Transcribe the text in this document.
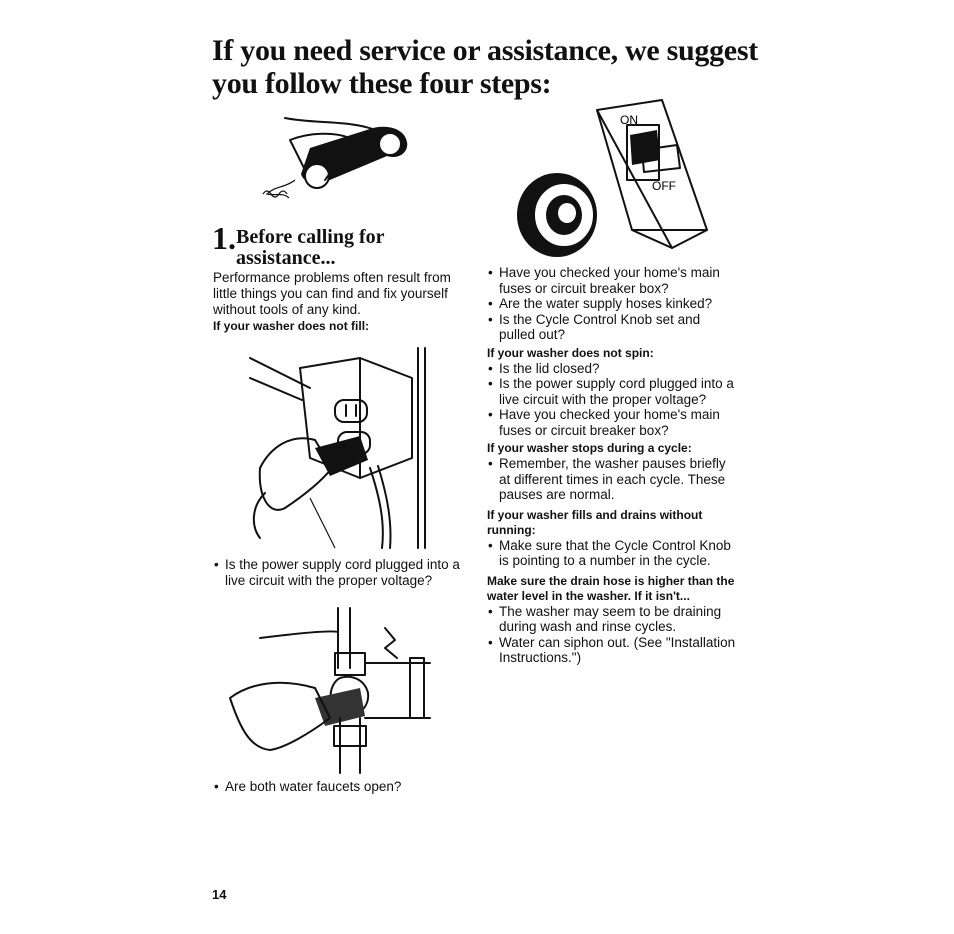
If you need service or assistance, we suggest you follow these four steps:
1. Before calling for assistance...
Performance problems often result from little things you can find and fix yourself without tools of any kind.
If your washer does not fill:
• Is the power supply cord plugged into a live circuit with the proper voltage?
• Are both water faucets open?
ON
OFF
• Have you checked your home's main fuses or circuit breaker box?
• Are the water supply hoses kinked?
• Is the Cycle Control Knob set and pulled out?
If your washer does not spin:
• Is the lid closed?
• Is the power supply cord plugged into a live circuit with the proper voltage?
• Have you checked your home's main fuses or circuit breaker box?
If your washer stops during a cycle:
• Remember, the washer pauses briefly at different times in each cycle. These pauses are normal.
If your washer fills and drains without running:
• Make sure that the Cycle Control Knob is pointing to a number in the cycle.
Make sure the drain hose is higher than the water level in the washer. If it isn't...
• The washer may seem to be draining during wash and rinse cycles.
• Water can siphon out. (See "Installation Instructions.")
14
